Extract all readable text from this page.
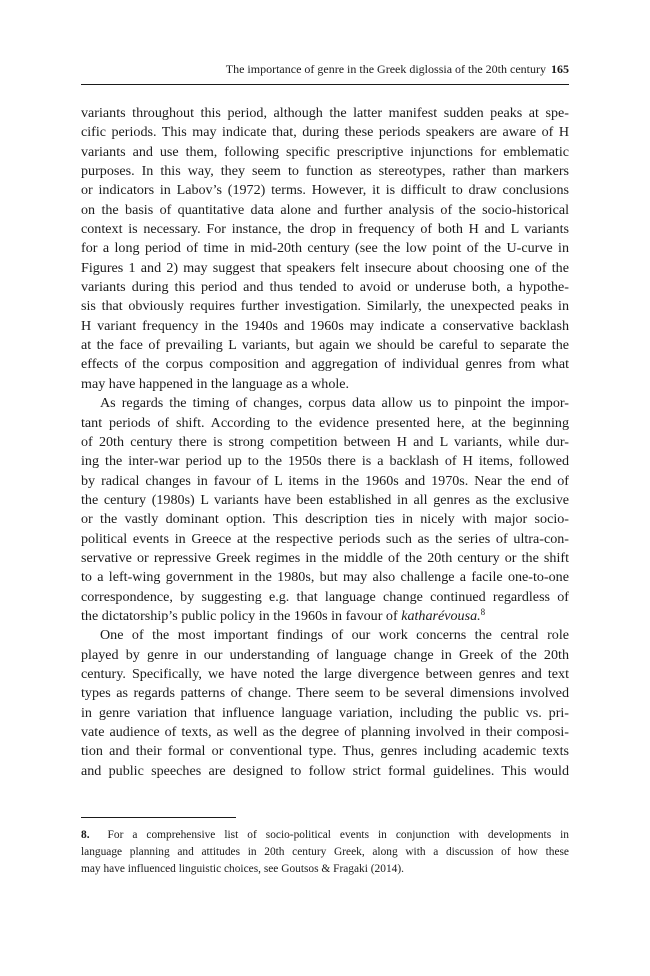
The importance of genre in the Greek diglossia of the 20th century 165
variants throughout this period, although the latter manifest sudden peaks at spe-
cific periods. This may indicate that, during these periods speakers are aware of H
variants and use them, following specific prescriptive injunctions for emblematic
purposes. In this way, they seem to function as stereotypes, rather than markers
or indicators in Labov’s (1972) terms. However, it is difficult to draw conclusions
on the basis of quantitative data alone and further analysis of the socio-historical
context is necessary. For instance, the drop in frequency of both H and L variants
for a long period of time in mid-20th century (see the low point of the U-curve in
Figures 1 and 2) may suggest that speakers felt insecure about choosing one of the
variants during this period and thus tended to avoid or underuse both, a hypothe-
sis that obviously requires further investigation. Similarly, the unexpected peaks in
H variant frequency in the 1940s and 1960s may indicate a conservative backlash
at the face of prevailing L variants, but again we should be careful to separate the
effects of the corpus composition and aggregation of individual genres from what
may have happened in the language as a whole.
As regards the timing of changes, corpus data allow us to pinpoint the impor-
tant periods of shift. According to the evidence presented here, at the beginning
of 20th century there is strong competition between H and L variants, while dur-
ing the inter-war period up to the 1950s there is a backlash of H items, followed
by radical changes in favour of L items in the 1960s and 1970s. Near the end of
the century (1980s) L variants have been established in all genres as the exclusive
or the vastly dominant option. This description ties in nicely with major socio-
political events in Greece at the respective periods such as the series of ultra-con-
servative or repressive Greek regimes in the middle of the 20th century or the shift
to a left-wing government in the 1980s, but may also challenge a facile one-to-one
correspondence, by suggesting e.g. that language change continued regardless of
the dictatorship’s public policy in the 1960s in favour of katharévousa.$^8$
One of the most important findings of our work concerns the central role
played by genre in our understanding of language change in Greek of the 20th
century. Specifically, we have noted the large divergence between genres and text
types as regards patterns of change. There seem to be several dimensions involved
in genre variation that influence language variation, including the public vs. pri-
vate audience of texts, as well as the degree of planning involved in their composi-
tion and their formal or conventional type. Thus, genres including academic texts
and public speeches are designed to follow strict formal guidelines. This would
8. For a comprehensive list of socio-political events in conjunction with developments in
language planning and attitudes in 20th century Greek, along with a discussion of how these
may have influenced linguistic choices, see Goutsos & Fragaki (2014).
